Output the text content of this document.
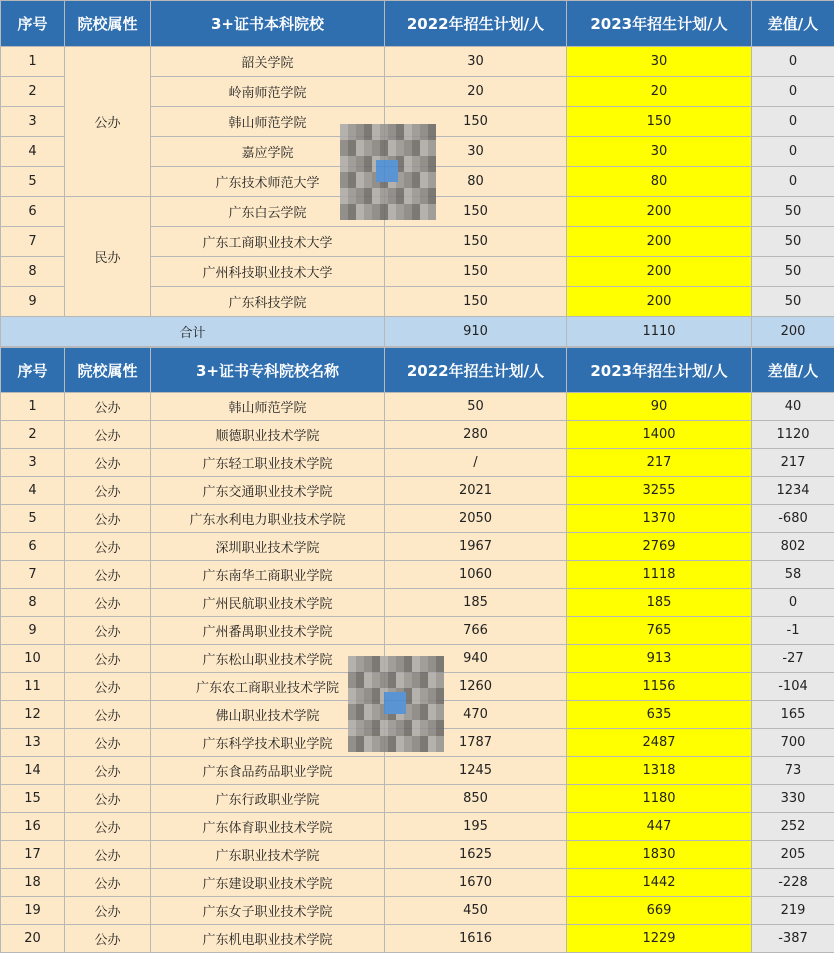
序号	院校属性	3+证书本科院校	2022年招生计划/人	2023年招生计划/人	差值/人
1	公办	韶关学院	30	30	0
2		岭南师范学院	20	20	0
3		韩山师范学院	150	150	0
4		嘉应学院	30	30	0
5		广东技术师范大学	80	80	0
6	民办	广东白云学院	150	200	50
7		广东工商职业技术大学	150	200	50
8		广州科技职业技术大学	150	200	50
9		广东科技学院	150	200	50
合计			910	1110	200
序号	院校属性	3+证书专科院校名称	2022年招生计划/人	2023年招生计划/人	差值/人
1	公办	韩山师范学院	50	90	40
2	公办	顺德职业技术学院	280	1400	1120
3	公办	广东轻工职业技术学院	/	217	217
4	公办	广东交通职业技术学院	2021	3255	1234
5	公办	广东水利电力职业技术学院	2050	1370	-680
6	公办	深圳职业技术学院	1967	2769	802
7	公办	广东南华工商职业学院	1060	1118	58
8	公办	广州民航职业技术学院	185	185	0
9	公办	广州番禺职业技术学院	766	765	-1
10	公办	广东松山职业技术学院	940	913	-27
11	公办	广东农工商职业技术学院	1260	1156	-104
12	公办	佛山职业技术学院	470	635	165
13	公办	广东科学技术职业学院	1787	2487	700
14	公办	广东食品药品职业学院	1245	1318	73
15	公办	广东行政职业学院	850	1180	330
16	公办	广东体育职业技术学院	195	447	252
17	公办	广东职业技术学院	1625	1830	205
18	公办	广东建设职业技术学院	1670	1442	-228
19	公办	广东女子职业技术学院	450	669	219
20	公办	广东机电职业技术学院	1616	1229	-387
